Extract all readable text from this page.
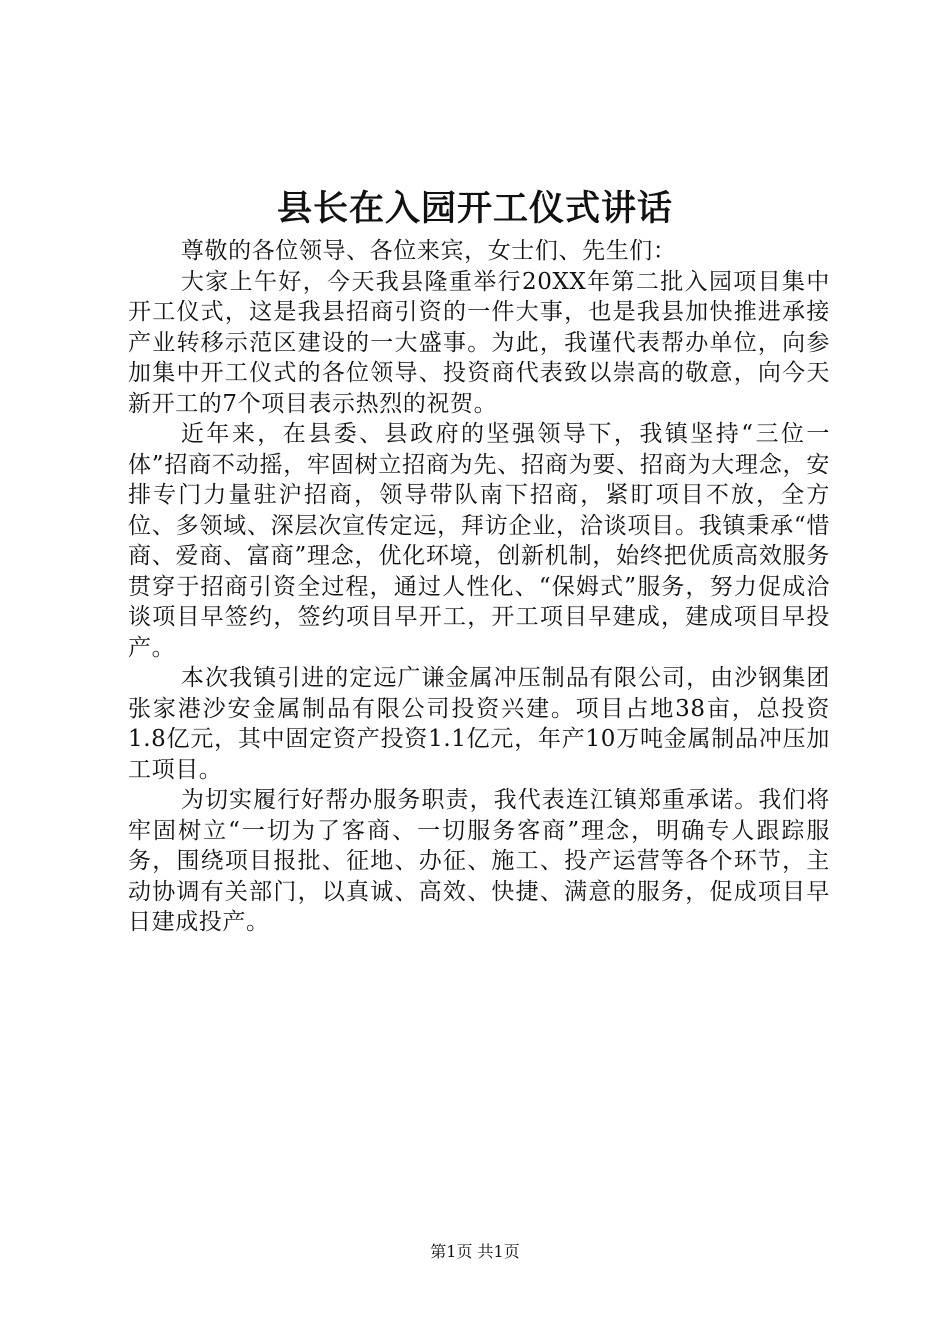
县长在入园开工仪式讲话

尊敬的各位领导、各位来宾，女士们、先生们：

大家上午好，今天我县隆重举行20XX年第二批入园项目集中开工仪式，这是我县招商引资的一件大事，也是我县加快推进承接产业转移示范区建设的一大盛事。为此，我谨代表帮办单位，向参加集中开工仪式的各位领导、投资商代表致以崇高的敬意，向今天新开工的7个项目表示热烈的祝贺。

近年来，在县委、县政府的坚强领导下，我镇坚持“三位一体”招商不动摇，牢固树立招商为先、招商为要、招商为大理念，安排专门力量驻沪招商，领导带队南下招商，紧盯项目不放，全方位、多领域、深层次宣传定远，拜访企业，洽谈项目。我镇秉承“惜商、爱商、富商”理念，优化环境，创新机制，始终把优质高效服务贯穿于招商引资全过程，通过人性化、“保姆式”服务，努力促成洽谈项目早签约，签约项目早开工，开工项目早建成，建成项目早投产。

本次我镇引进的定远广谦金属冲压制品有限公司，由沙钢集团张家港沙安金属制品有限公司投资兴建。项目占地38亩，总投资1.8亿元，其中固定资产投资1.1亿元，年产10万吨金属制品冲压加工项目。

为切实履行好帮办服务职责，我代表连江镇郑重承诺。我们将牢固树立“一切为了客商、一切服务客商”理念，明确专人跟踪服务，围绕项目报批、征地、办征、施工、投产运营等各个环节，主动协调有关部门，以真诚、高效、快捷、满意的服务，促成项目早日建成投产。

第1页 共1页
